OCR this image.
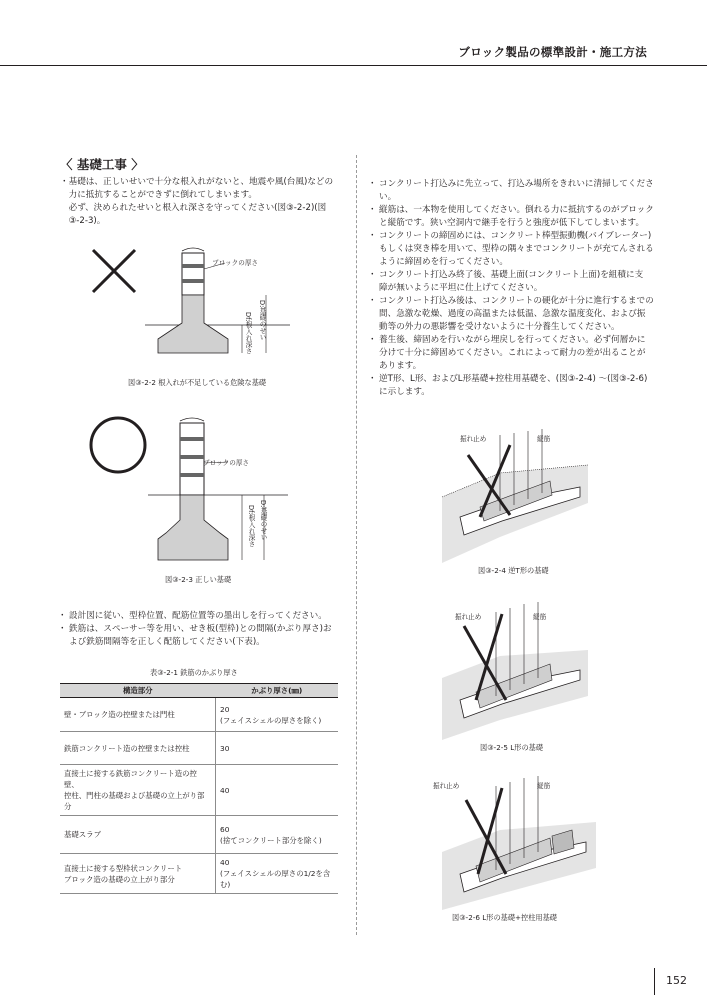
ブロック製品の標準設計・施工方法
〈 基礎工事 〉
・基礎は、正しいせいで十分な根入れがないと、地震や風(台風)などの
　力に抵抗することができずに倒れてしまいます。
　必ず、決められたせいと根入れ深さを守ってください(図③-2-2)(図
　③-2-3)。
ブロックの厚さ
Df:根入れ深さ D:基礎のせい
図③-2-2 根入れが不足している危険な基礎
ブロックの厚さ
Df:根入れ深さ D:基礎のせい
図③-2-3 正しい基礎

・ 設計図に従い、型枠位置、配筋位置等の墨出しを行ってください。

・ 鉄筋は、スペーサー等を用い、せき板(型枠)との間隔(かぶり厚さ)お
よび鉄筋間隔等を正しく配筋してください(下表)。

表③-2-1 鉄筋のかぶり厚さ
構造部分	かぶり厚さ(㎜)
壁・ブロック造の控壁または門柱	20
(フェイスシェルの厚さを除く)
鉄筋コンクリート造の控壁または控柱	30
直接土に接する鉄筋コンクリート造の控壁、
控柱、門柱の基礎および基礎の立上がり部分	40
基礎スラブ	60
(捨てコンクリート部分を除く)
直接土に接する型枠状コンクリート
ブロック造の基礎の立上がり部分	40
(フェイスシェルの厚さの1/2を含む)

・ コンクリート打込みに先立って、打込み場所をきれいに清掃してください。

・ 縦筋は、一本物を使用してください。倒れる力に抵抗するのがブロック
と縦筋です。狭い空洞内で継手を行うと強度が低下してしまいます。

・ コンクリートの締固めには、コンクリート棒型振動機(バイブレーター)
もしくは突き棒を用いて、型枠の隅々までコンクリートが充てんされる
ように締固めを行ってください。

・ コンクリート打込み終了後、基礎上面(コンクリート上面)を組積に支
障が無いように平坦に仕上げてください。

・ コンクリート打込み後は、コンクリートの硬化が十分に進行するまでの
間、急激な乾燥、過度の高温または低温、急激な温度変化、および振
動等の外力の悪影響を受けないように十分養生してください。

・ 養生後、締固めを行いながら埋戻しを行ってください。必ず何層かに
分けて十分に締固めてください。これによって耐力の差が出ることが
あります。

・ 逆T形、L形、およびL形基礎+控柱用基礎を、(図③-2-4) ～(図③-2-6)
に示します。

振れ止め	縦筋
図③-2-4 逆T形の基礎
振れ止め	縦筋
図③-2-5 L形の基礎
振れ止め	縦筋
図③-2-6 L形の基礎+控柱用基礎
152
